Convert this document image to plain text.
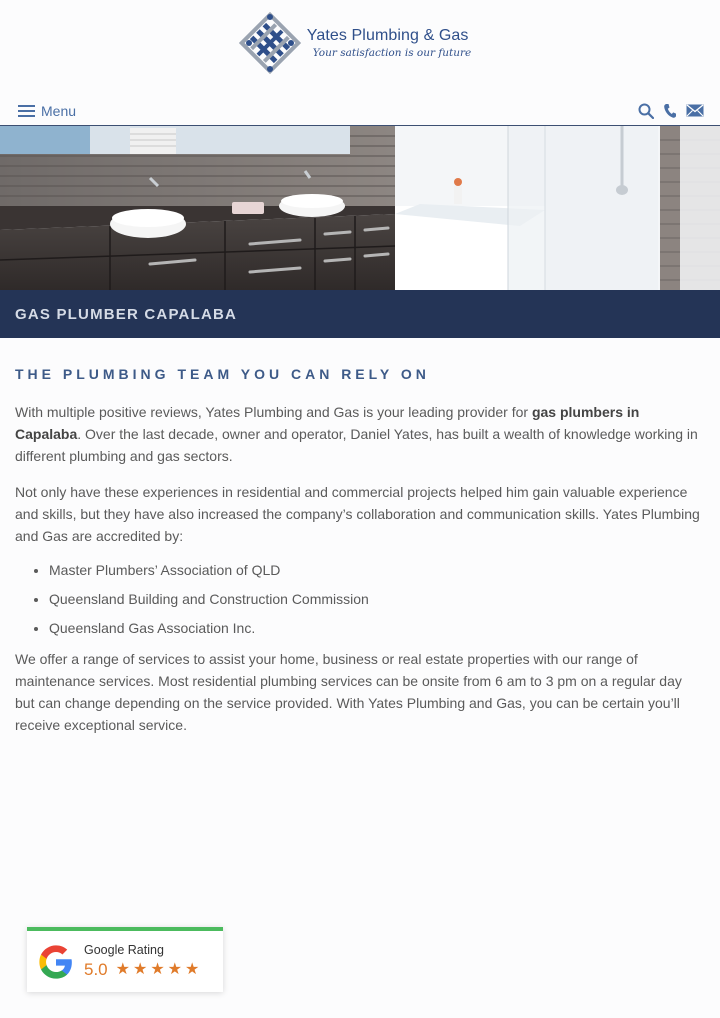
Yates Plumbing & Gas
Your satisfaction is our future
Menu
GAS PLUMBER CAPALABA
THE PLUMBING TEAM YOU CAN RELY ON

With multiple positive reviews, Yates Plumbing and Gas is your leading provider for gas plumbers in Capalaba. Over the last decade, owner and operator, Daniel Yates, has built a wealth of knowledge working in different plumbing and gas sectors.

Not only have these experiences in residential and commercial projects helped him gain valuable experience and skills, but they have also increased the company’s collaboration and communication skills. Yates Plumbing and Gas are accredited by:

• Master Plumbers’ Association of QLD
• Queensland Building and Construction Commission
• Queensland Gas Association Inc.

We offer a range of services to assist your home, business or real estate properties with our range of maintenance services. Most residential plumbing services can be onsite from 6 am to 3 pm on a regular day but can change depending on the service provided. With Yates Plumbing and Gas, you can be certain you’ll receive exceptional service.

Google Rating
5.0 ★ ★ ★ ★ ★
